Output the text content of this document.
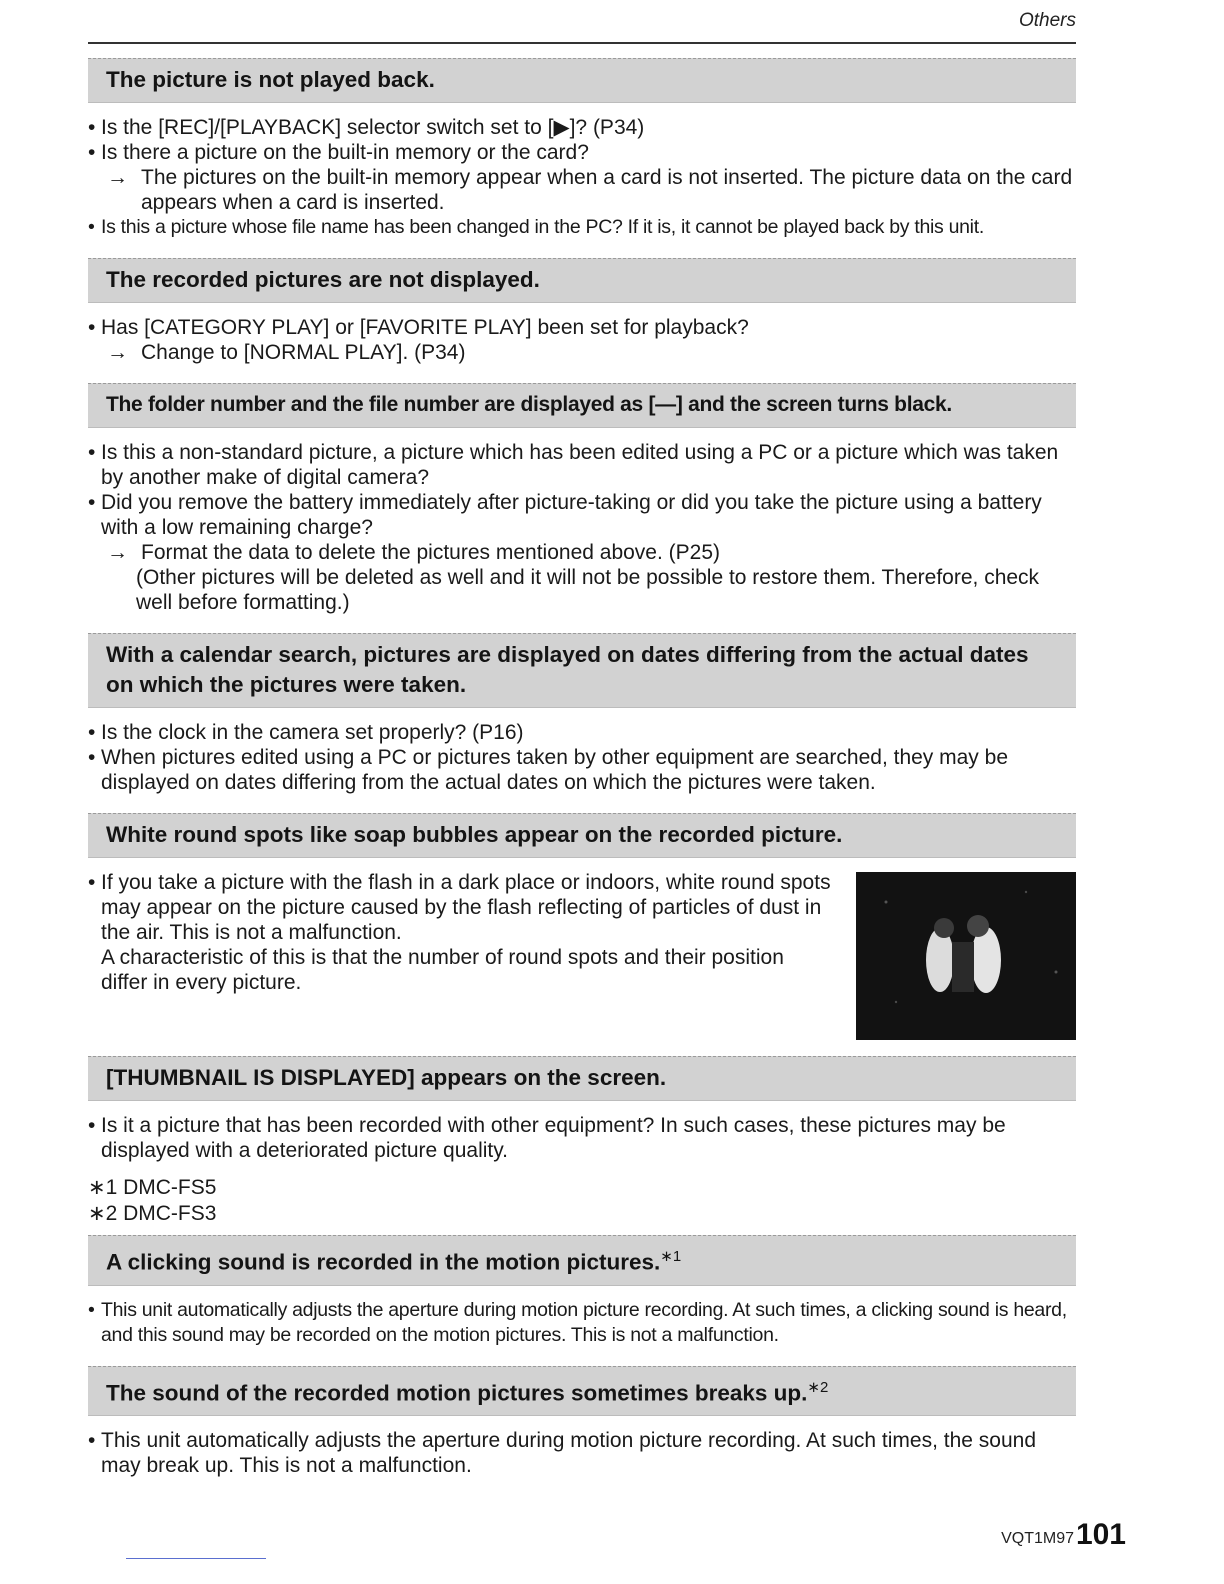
Others
The picture is not played back.
• Is the [REC]/[PLAYBACK] selector switch set to [▶]? (P34)
• Is there a picture on the built-in memory or the card?
→ The pictures on the built-in memory appear when a card is not inserted. The picture data on the card appears when a card is inserted.
• Is this a picture whose file name has been changed in the PC? If it is, it cannot be played back by this unit.
The recorded pictures are not displayed.
• Has [CATEGORY PLAY] or [FAVORITE PLAY] been set for playback?
→ Change to [NORMAL PLAY]. (P34)
The folder number and the file number are displayed as [—] and the screen turns black.
• Is this a non-standard picture, a picture which has been edited using a PC or a picture which was taken by another make of digital camera?
• Did you remove the battery immediately after picture-taking or did you take the picture using a battery with a low remaining charge?
→ Format the data to delete the pictures mentioned above. (P25)
(Other pictures will be deleted as well and it will not be possible to restore them. Therefore, check well before formatting.)
With a calendar search, pictures are displayed on dates differing from the actual dates on which the pictures were taken.
• Is the clock in the camera set properly? (P16)
• When pictures edited using a PC or pictures taken by other equipment are searched, they may be displayed on dates differing from the actual dates on which the pictures were taken.
White round spots like soap bubbles appear on the recorded picture.
• If you take a picture with the flash in a dark place or indoors, white round spots may appear on the picture caused by the flash reflecting of particles of dust in the air. This is not a malfunction.
A characteristic of this is that the number of round spots and their position differ in every picture.
[THUMBNAIL IS DISPLAYED] appears on the screen.
• Is it a picture that has been recorded with other equipment? In such cases, these pictures may be displayed with a deteriorated picture quality.
∗1 DMC-FS5
∗2 DMC-FS3
A clicking sound is recorded in the motion pictures.$^{∗1}$
• This unit automatically adjusts the aperture during motion picture recording. At such times, a clicking sound is heard, and this sound may be recorded on the motion pictures. This is not a malfunction.
The sound of the recorded motion pictures sometimes breaks up.$^{∗2}$
• This unit automatically adjusts the aperture during motion picture recording. At such times, the sound may break up. This is not a malfunction.
VQT1M97 101
